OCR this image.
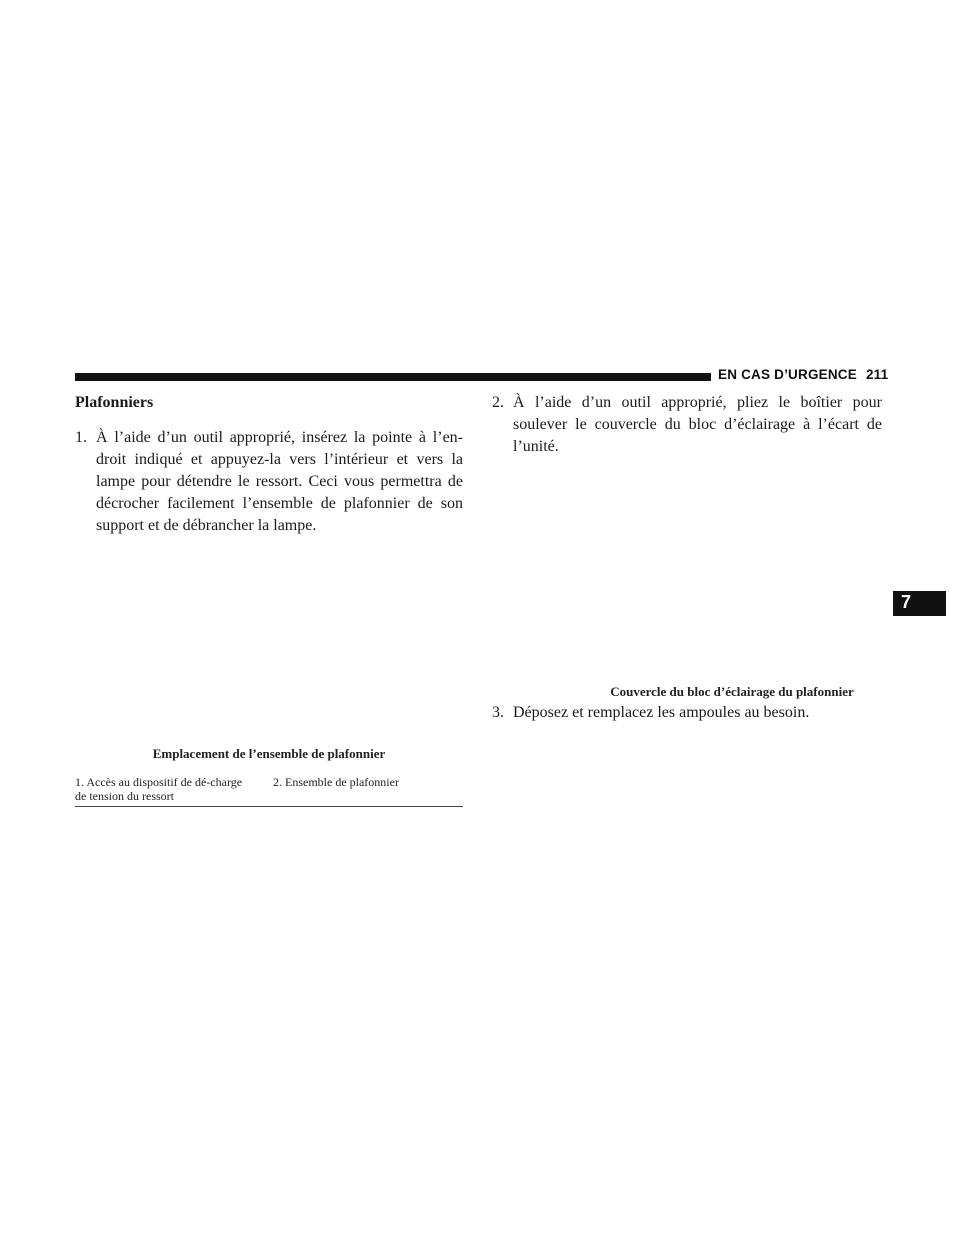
EN CAS D’URGENCE 211

Plafonniers

1. À l’aide d’un outil approprié, insérez la pointe à l’en-droit indiqué et appuyez-la vers l’intérieur et vers la lampe pour détendre le ressort. Ceci vous permettra de décrocher facilement l’ensemble de plafonnier de son support et de débrancher la lampe.

Emplacement de l’ensemble de plafonnier
1. Accès au dispositif de dé-charge de tension du ressort
2. Ensemble de plafonnier

2. À l’aide d’un outil approprié, pliez le boîtier pour soulever le couvercle du bloc d’éclairage à l’écart de l’unité.

Couvercle du bloc d’éclairage du plafonnier

3. Déposez et remplacez les ampoules au besoin.

7
